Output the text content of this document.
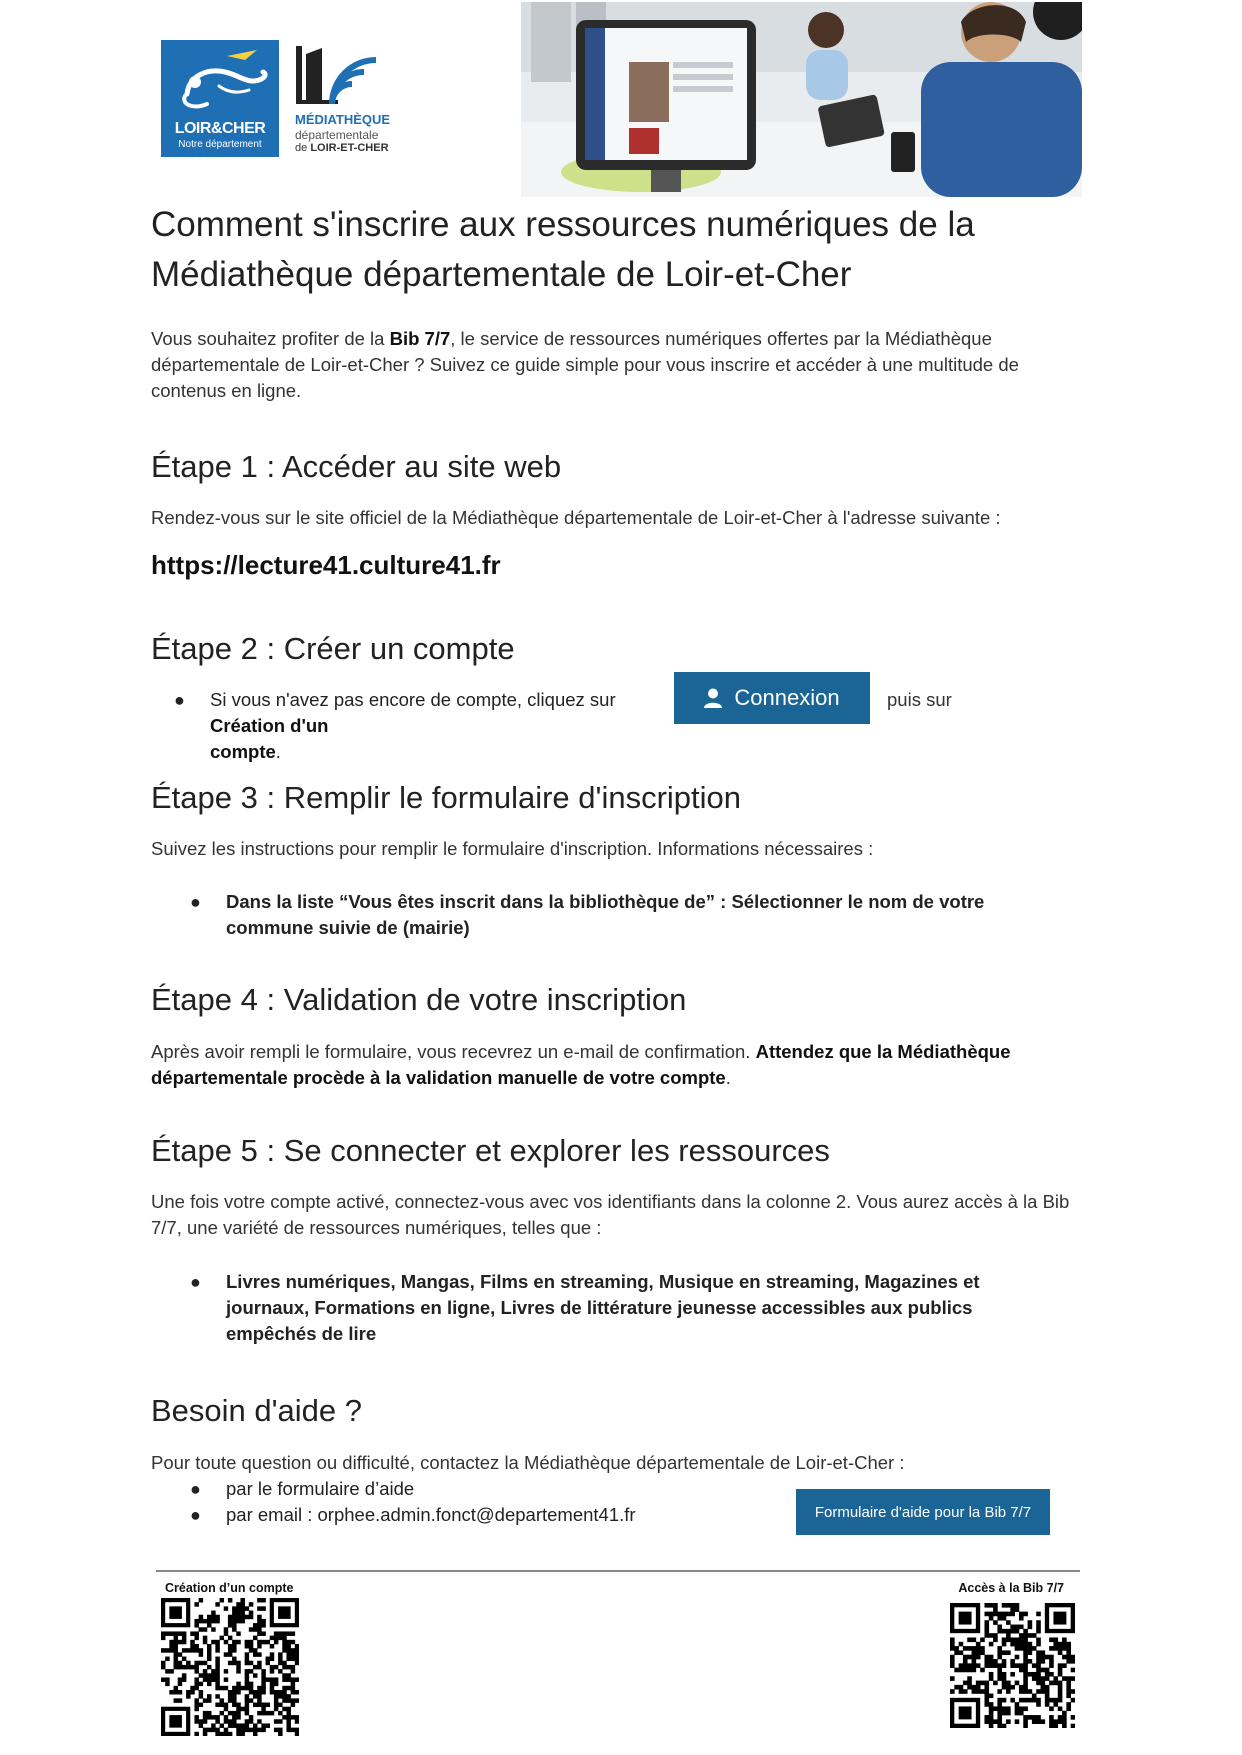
LOIR&CHER
Notre département
MÉDIATHÈQUE
départementale
de LOIR-ET-CHER
Comment s'inscrire aux ressources numériques de la Médiathèque départementale de Loir-et-Cher

Vous souhaitez profiter de la Bib 7/7, le service de ressources numériques offertes par la Médiathèque départementale de Loir-et-Cher ? Suivez ce guide simple pour vous inscrire et accéder à une multitude de contenus en ligne.

Étape 1 : Accéder au site web

Rendez-vous sur le site officiel de la Médiathèque départementale de Loir-et-Cher à l'adresse suivante :

https://lecture41.culture41.fr
Étape 2 : Créer un compte
● Si vous n'avez pas encore de compte, cliquez sur

Création d'un compte.

Connexion	puis sur

Étape 3 : Remplir le formulaire d'inscription

Suivez les instructions pour remplir le formulaire d'inscription. Informations nécessaires :

● Dans la liste “Vous êtes inscrit dans la bibliothèque de” : Sélectionner le nom de votre commune suivie de (mairie)
Étape 4 : Validation de votre inscription

Après avoir rempli le formulaire, vous recevrez un e-mail de confirmation. Attendez que la Médiathèque départementale procède à la validation manuelle de votre compte.

Étape 5 : Se connecter et explorer les ressources

Une fois votre compte activé, connectez-vous avec vos identifiants dans la colonne 2. Vous aurez accès à la Bib 7/7, une variété de ressources numériques, telles que :

● Livres numériques, Mangas, Films en streaming, Musique en streaming, Magazines et journaux, Formations en ligne, Livres de littérature jeunesse accessibles aux publics empêchés de lire
Besoin d'aide ?

Pour toute question ou difficulté, contactez la Médiathèque départementale de Loir-et-Cher :

● par le formulaire d’aide
● par email : orphee.admin.fonct@departement41.fr	Formulaire d'aide pour la Bib 7/7
Création d’un compte	Accès à la Bib 7/7
